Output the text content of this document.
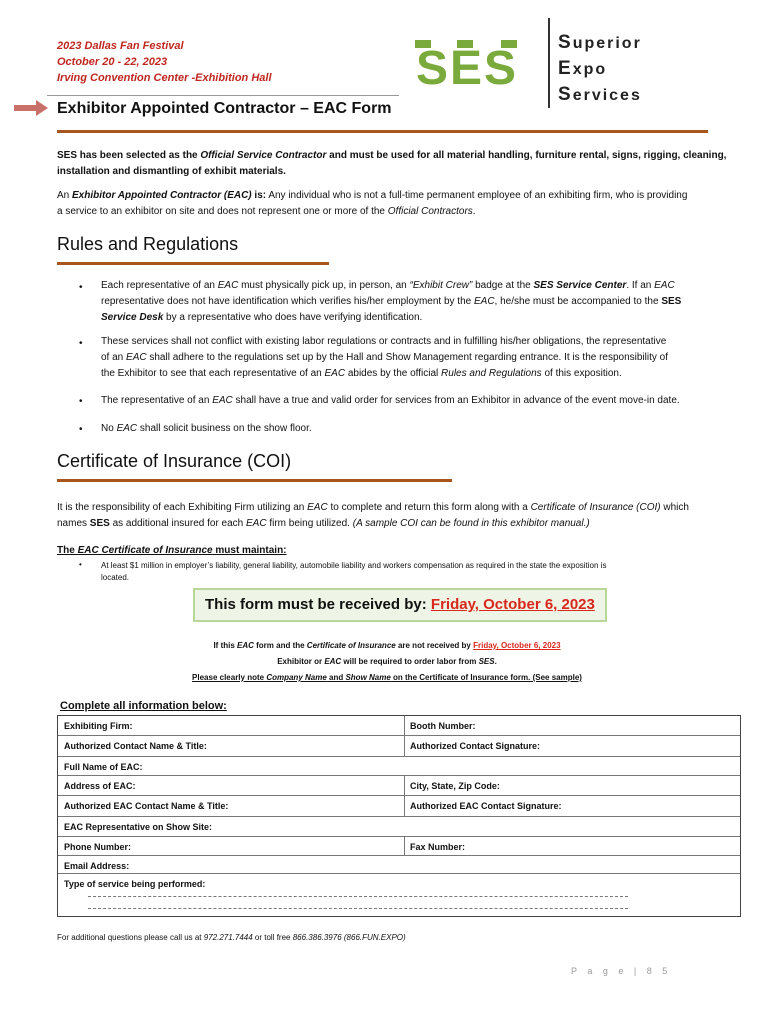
2023 Dallas Fan Festival
October 20 - 22, 2023
Irving Convention Center -Exhibition Hall	SES Superior
Expo
Services
Exhibitor Appointed Contractor – EAC Form
SES has been selected as the Official Service Contractor and must be used for all material handling, furniture rental, signs, rigging, cleaning,
installation and dismantling of exhibit materials.
An Exhibitor Appointed Contractor (EAC) is: Any individual who is not a full-time permanent employee of an exhibiting firm, who is providing
a service to an exhibitor on site and does not represent one or more of the Official Contractors.
Rules and Regulations
• Each representative of an EAC must physically pick up, in person, an “Exhibit Crew” badge at the SES Service Center. If an EAC
representative does not have identification which verifies his/her employment by the EAC, he/she must be accompanied to the SES
Service Desk by a representative who does have verifying identification.
• These services shall not conflict with existing labor regulations or contracts and in fulfilling his/her obligations, the representative
of an EAC shall adhere to the regulations set up by the Hall and Show Management regarding entrance. It is the responsibility of
the Exhibitor to see that each representative of an EAC abides by the official Rules and Regulations of this exposition.
• The representative of an EAC shall have a true and valid order for services from an Exhibitor in advance of the event move-in date.
• No EAC shall solicit business on the show floor.
Certificate of Insurance (COI)
It is the responsibility of each Exhibiting Firm utilizing an EAC to complete and return this form along with a Certificate of Insurance (COI) which
names SES as additional insured for each EAC firm being utilized. (A sample COI can be found in this exhibitor manual.)
The EAC Certificate of Insurance must maintain:
• At least $1 million in employer’s liability, general liability, automobile liability and workers compensation as required in the state the exposition is
located.
This form must be received by: Friday, October 6, 2023
If this EAC form and the Certificate of Insurance are not received by Friday, October 6, 2023
Exhibitor or EAC will be required to order labor from SES.
Please clearly note Company Name and Show Name on the Certificate of Insurance form. (See sample)
Complete all information below:
Exhibiting Firm:	Booth Number:
Authorized Contact Name & Title:	Authorized Contact Signature:
Full Name of EAC:
Address of EAC:	City, State, Zip Code:
Authorized EAC Contact Name & Title:	Authorized EAC Contact Signature:
EAC Representative on Show Site:
Phone Number:	Fax Number:
Email Address:
Type of service being performed:
For additional questions please call us at 972.271.7444 or toll free 866.386.3976 (866.FUN.EXPO)
P a g e | 8 5
